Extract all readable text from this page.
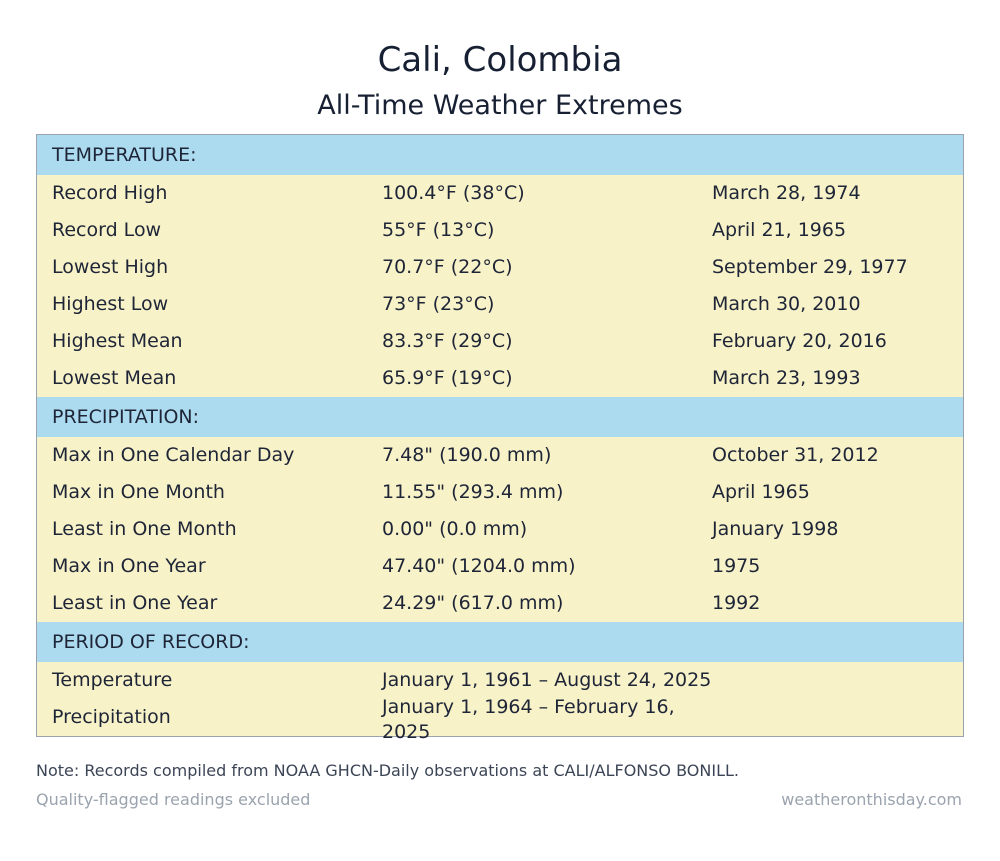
Cali, Colombia
All-Time Weather Extremes
TEMPERATURE:
Record High	100.4°F (38°C)	March 28, 1974
Record Low	55°F (13°C)	April 21, 1965
Lowest High	70.7°F (22°C)	September 29, 1977
Highest Low	73°F (23°C)	March 30, 2010
Highest Mean	83.3°F (29°C)	February 20, 2016
Lowest Mean	65.9°F (19°C)	March 23, 1993
PRECIPITATION:
Max in One Calendar Day	7.48" (190.0 mm)	October 31, 2012
Max in One Month	11.55" (293.4 mm)	April 1965
Least in One Month	0.00" (0.0 mm)	January 1998
Max in One Year	47.40" (1204.0 mm)	1975
Least in One Year	24.29" (617.0 mm)	1992
PERIOD OF RECORD:
Temperature	January 1, 1961 – August 24, 2025
Precipitation	January 1, 1964 – February 16, 2025
Note: Records compiled from NOAA GHCN-Daily observations at CALI/ALFONSO BONILL.
Quality-flagged readings excluded	weatheronthisday.com
